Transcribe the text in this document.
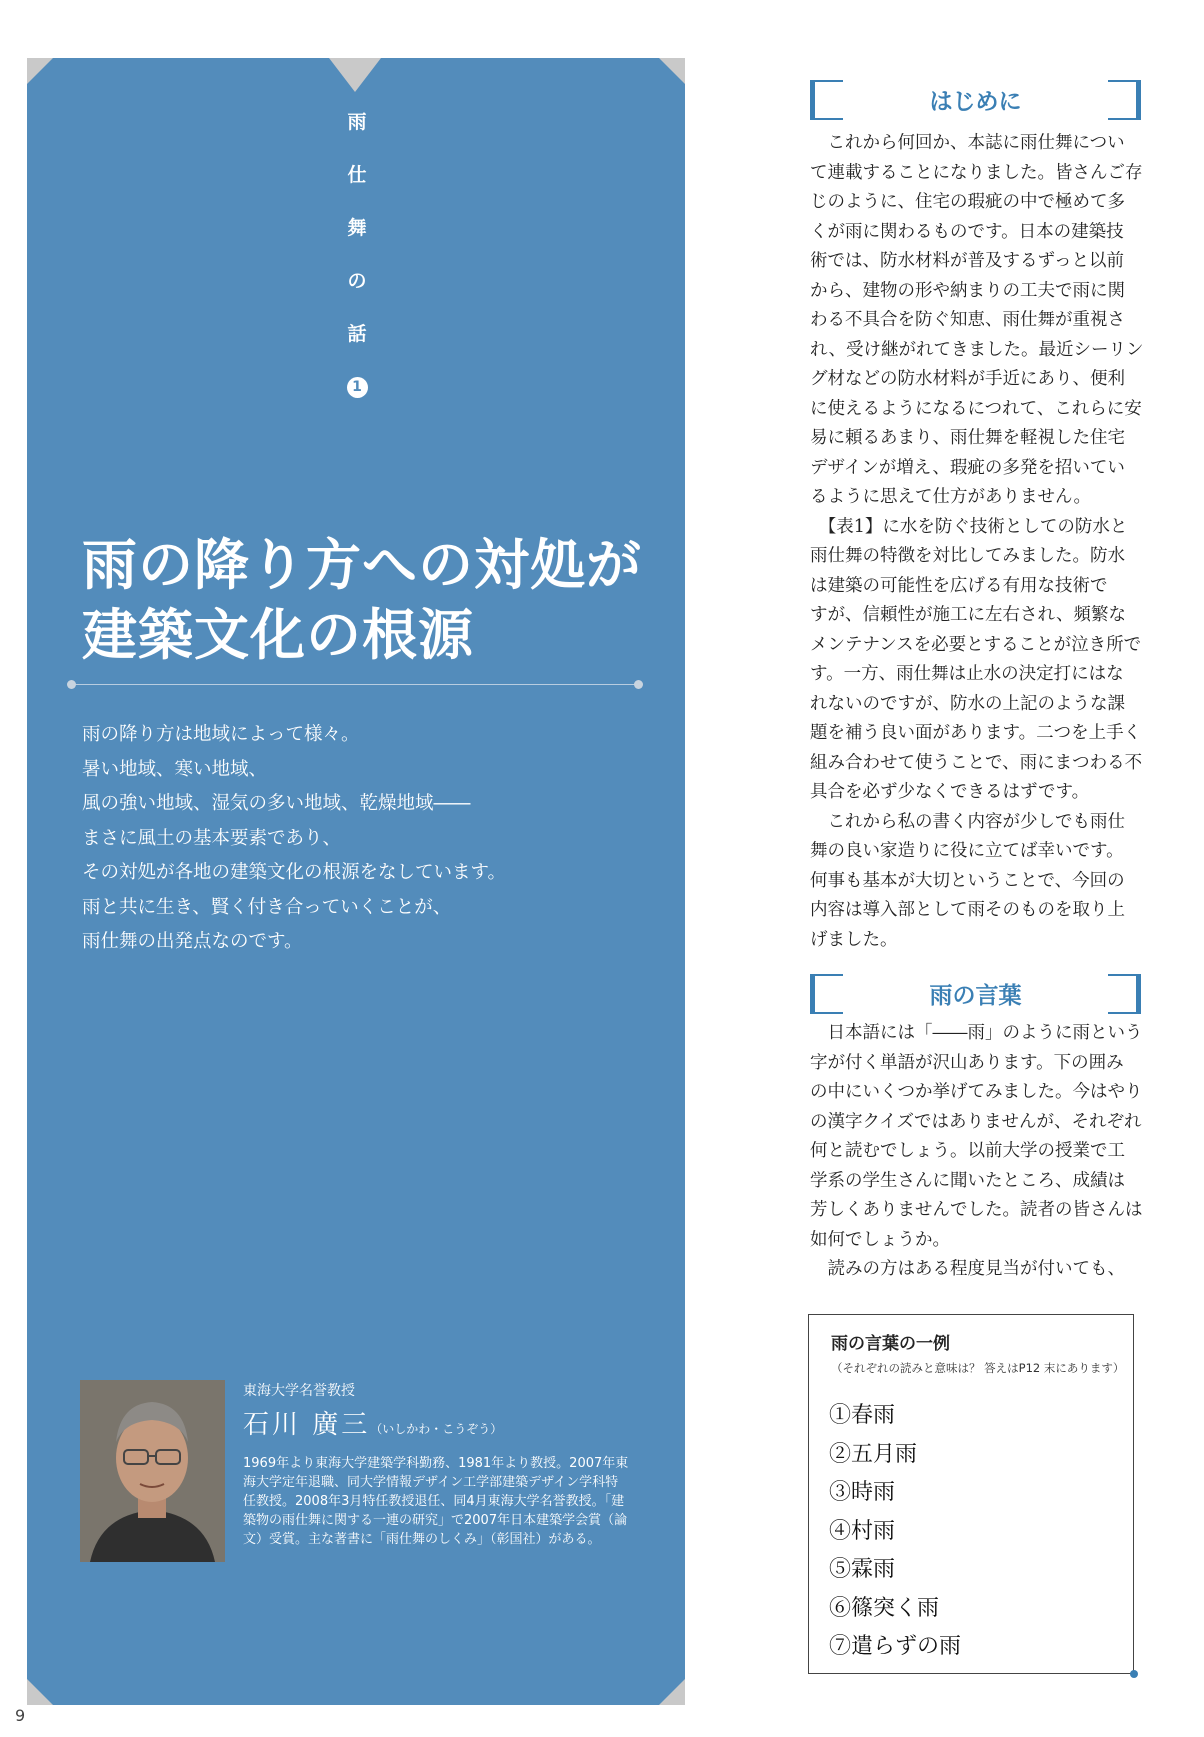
雨
仕
舞
の
話
1
雨の降り方への対処が
建築文化の根源
雨の降り方は地域によって様々。
暑い地域、寒い地域、
風の強い地域、湿気の多い地域、乾燥地域――
まさに風土の基本要素であり、
その対処が各地の建築文化の根源をなしています。
雨と共に生き、賢く付き合っていくことが、
雨仕舞の出発点なのです。
東海大学名誉教授
石川 廣三（いしかわ・こうぞう）
1969年より東海大学建築学科勤務、1981年より教授。2007年東
海大学定年退職、同大学情報デザイン工学部建築デザイン学科特
任教授。2008年3月特任教授退任、同4月東海大学名誉教授。「建
築物の雨仕舞に関する一連の研究」で2007年日本建築学会賞（論
文）受賞。主な著書に「雨仕舞のしくみ」（彰国社）がある。
9
はじめに

　これから何回か、本誌に雨仕舞につい

て連載することになりました。皆さんご存

じのように、住宅の瑕疵の中で極めて多

くが雨に関わるものです。日本の建築技

術では、防水材料が普及するずっと以前

から、建物の形や納まりの工夫で雨に関

わる不具合を防ぐ知恵、雨仕舞が重視さ

れ、受け継がれてきました。最近シーリン

グ材などの防水材料が手近にあり、便利

に使えるようになるにつれて、これらに安

易に頼るあまり、雨仕舞を軽視した住宅

デザインが増え、瑕疵の多発を招いてい

るように思えて仕方がありません。

　【表1】に水を防ぐ技術としての防水と

雨仕舞の特徴を対比してみました。防水

は建築の可能性を広げる有用な技術で

すが、信頼性が施工に左右され、頻繁な

メンテナンスを必要とすることが泣き所で

す。一方、雨仕舞は止水の決定打にはな

れないのですが、防水の上記のような課

題を補う良い面があります。二つを上手く

組み合わせて使うことで、雨にまつわる不

具合を必ず少なくできるはずです。

　これから私の書く内容が少しでも雨仕

舞の良い家造りに役に立てば幸いです。

何事も基本が大切ということで、今回の

内容は導入部として雨そのものを取り上

げました。

雨の言葉

　日本語には「――雨」のように雨という

字が付く単語が沢山あります。下の囲み

の中にいくつか挙げてみました。今はやり

の漢字クイズではありませんが、それぞれ

何と読むでしょう。以前大学の授業で工

学系の学生さんに聞いたところ、成績は

芳しくありませんでした。読者の皆さんは

如何でしょうか。

　読みの方はある程度見当が付いても、

雨の言葉の一例
（それぞれの読みと意味は？ 答えはP12 末にあります）
①春雨
②五月雨
③時雨
④村雨
⑤霖雨
⑥篠突く雨
⑦遣らずの雨
